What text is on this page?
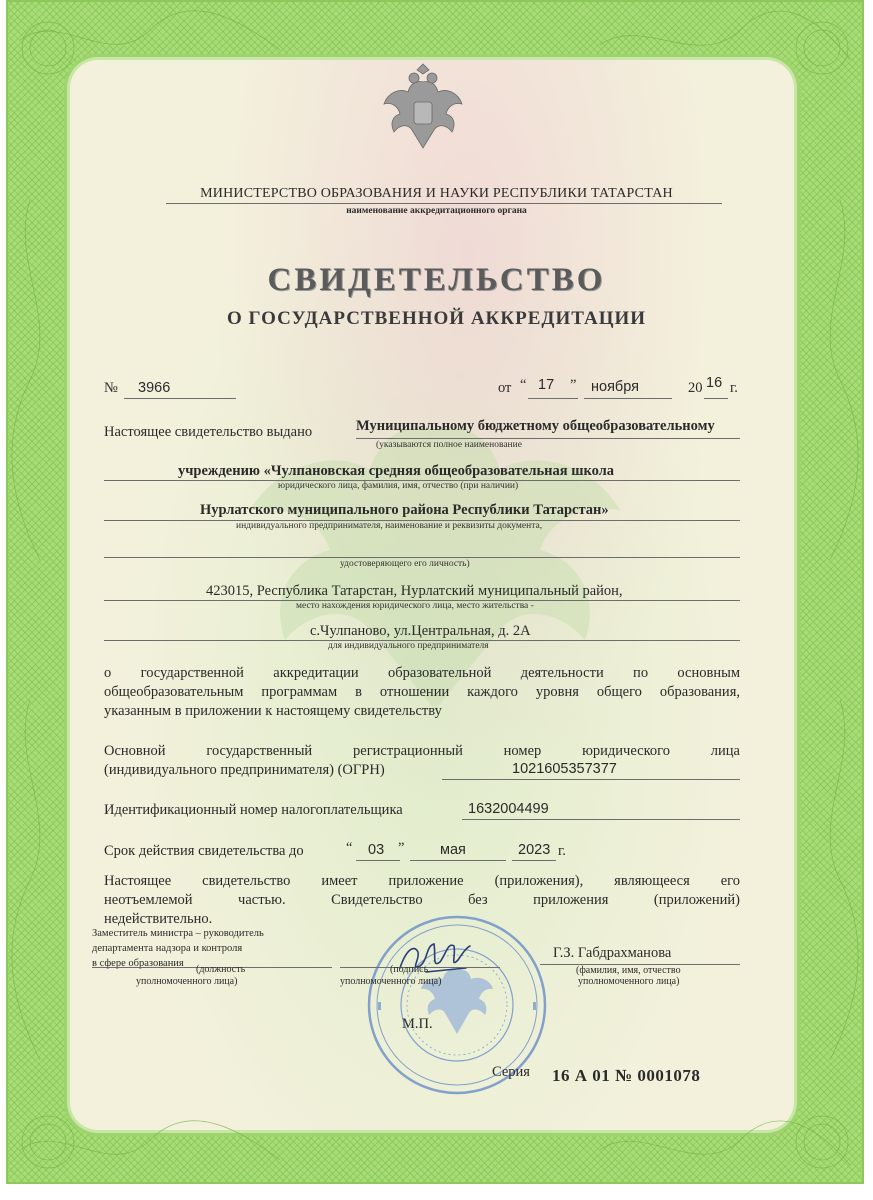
МИНИСТЕРСТВО ОБРАЗОВАНИЯ И НАУКИ РЕСПУБЛИКИ ТАТАРСТАН
наименование аккредитационного органа
СВИДЕТЕЛЬСТВО
О ГОСУДАРСТВЕННОЙ АККРЕДИТАЦИИ
№ 3966	от “ 17 ” ноября	20 16 г.
Настоящее свидетельство выдано	Муниципальному бюджетному общеобразовательному
(указываются полное наименование
учреждению «Чулпановская средняя общеобразовательная школа
юридического лица, фамилия, имя, отчество (при наличии)
Нурлатского муниципального района Республики Татарстан»
индивидуального предпринимателя, наименование и реквизиты документа,
удостоверяющего его личность)
423015, Республика Татарстан, Нурлатский муниципальный район,
место нахождения юридического лица, место жительства -
с.Чулпаново, ул.Центральная, д. 2А
для индивидуального предпринимателя
о государственной аккредитации образовательной деятельности по основным
общеобразовательным программам в отношении каждого уровня общего образования,
указанным в приложении к настоящему свидетельству
Основной государственный регистрационный номер юридического лица
(индивидуального предпринимателя) (ОГРН)	1021605357377
Идентификационный номер налогоплательщика	1632004499
Срок действия свидетельства до	“ 03 ” мая	2023 г.
Настоящее свидетельство имеет приложение (приложения), являющееся его
неотъемлемой частью. Свидетельство без приложения (приложений)
недействительно.
Заместитель министра – руководитель
департамента надзора и контроля
в сфере образования
(должность
уполномоченного лица)
(подпись
уполномоченного лица)
Г.З. Габдрахманова
(фамилия, имя, отчество
уполномоченного лица)
М.П.
Серия 16 А 01 № 0001078
